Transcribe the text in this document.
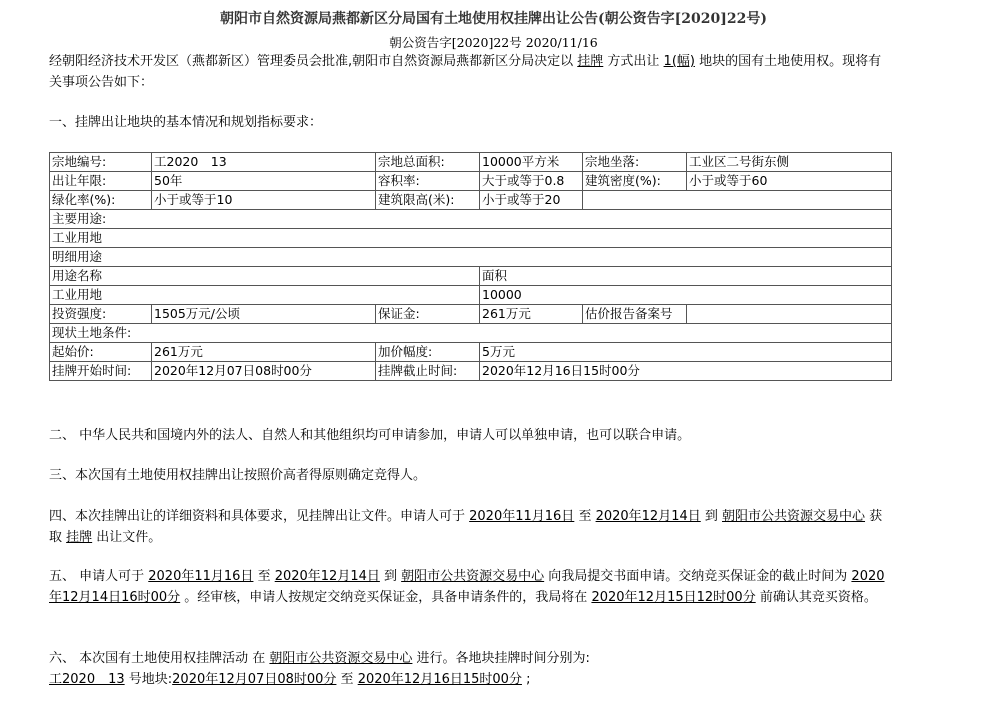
朝阳市自然资源局燕都新区分局国有土地使用权挂牌出让公告(朝公资告字[2020]22号)
朝公资告字[2020]22号 2020/11/16
经朝阳经济技术开发区（燕都新区）管理委员会批准,朝阳市自然资源局燕都新区分局决定以 挂牌 方式出让 1(幅) 地块的国有土地使用权。现将有关事项公告如下：
一、挂牌出让地块的基本情况和规划指标要求：
宗地编号:	工2020　13	宗地总面积:	10000平方米	宗地坐落:	工业区二号街东侧
出让年限:	50年	容积率:	大于或等于0.8	建筑密度(%):	小于或等于60
绿化率(%):	小于或等于10	建筑限高(米):	小于或等于20		
主要用途:					
工业用地					
明细用途					
用途名称			面积		
工业用地			10000		
投资强度:	1505万元/公顷	保证金:	261万元	估价报告备案号	
现状土地条件:					
起始价:	261万元	加价幅度:	5万元		
挂牌开始时间:	2020年12月07日08时00分	挂牌截止时间:	2020年12月16日15时00分		
二、 中华人民共和国境内外的法人、自然人和其他组织均可申请参加，申请人可以单独申请，也可以联合申请。
三、本次国有土地使用权挂牌出让按照价高者得原则确定竞得人。
四、本次挂牌出让的详细资料和具体要求，见挂牌出让文件。申请人可于 2020年11月16日 至 2020年12月14日 到 朝阳市公共资源交易中心 获取 挂牌 出让文件。
五、 申请人可于 2020年11月16日 至 2020年12月14日 到 朝阳市公共资源交易中心 向我局提交书面申请。交纳竞买保证金的截止时间为 2020年12月14日16时00分 。经审核，申请人按规定交纳竞买保证金，具备申请条件的，我局将在 2020年12月15日12时00分 前确认其竞买资格。
六、 本次国有土地使用权挂牌活动 在 朝阳市公共资源交易中心 进行。各地块挂牌时间分别为:
工2020　13 号地块:2020年12月07日08时00分 至 2020年12月16日15时00分 ;
